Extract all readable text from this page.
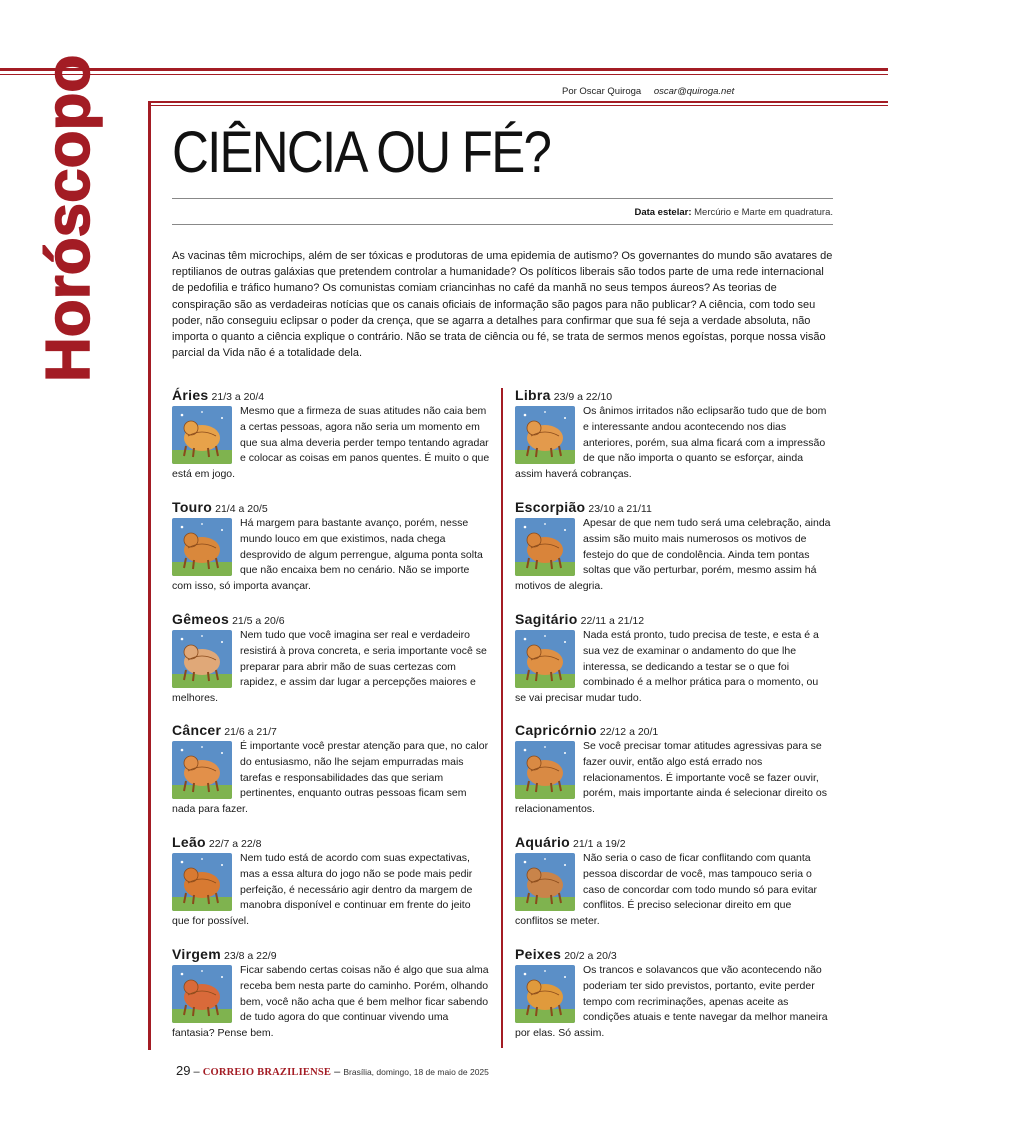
Por Oscar Quiroga oscar@quiroga.net
Horóscopo CIÊNCIA OU FÉ?
Data estelar: Mercúrio e Marte em quadratura.
As vacinas têm microchips, além de ser tóxicas e produtoras de uma epidemia de autismo? Os governantes do mundo são avatares de reptilianos de outras galáxias que pretendem controlar a humanidade? Os políticos liberais são todos parte de uma rede internacional de pedofilia e tráfico humano? Os comunistas comiam criancinhas no café da manhã no seus tempos áureos? As teorias de conspiração são as verdadeiras notícias que os canais oficiais de informação são pagos para não publicar? A ciência, com todo seu poder, não conseguiu eclipsar o poder da crença, que se agarra a detalhes para confirmar que sua fé seja a verdade absoluta, não importa o quanto a ciência explique o contrário. Não se trata de ciência ou fé, se trata de sermos menos egoístas, porque nossa visão parcial da Vida não é a totalidade dela.
Áries 21/3 a 20/4
Mesmo que a firmeza de suas atitudes não caia bem a certas pessoas, agora não seria um momento em que sua alma deveria perder tempo tentando agradar e colocar as coisas em panos quentes. É muito o que está em jogo.
Touro 21/4 a 20/5
Há margem para bastante avanço, porém, nesse mundo louco em que existimos, nada chega desprovido de algum perrengue, alguma ponta solta que não encaixa bem no cenário. Não se importe com isso, só importa avançar.
Gêmeos 21/5 a 20/6
Nem tudo que você imagina ser real e verdadeiro resistirá à prova concreta, e seria importante você se preparar para abrir mão de suas certezas com rapidez, e assim dar lugar a percepções maiores e melhores.
Câncer 21/6 a 21/7
É importante você prestar atenção para que, no calor do entusiasmo, não lhe sejam empurradas mais tarefas e responsabilidades das que seriam pertinentes, enquanto outras pessoas ficam sem nada para fazer.
Leão 22/7 a 22/8
Nem tudo está de acordo com suas expectativas, mas a essa altura do jogo não se pode mais pedir perfeição, é necessário agir dentro da margem de manobra disponível e continuar em frente do jeito que for possível.
Virgem 23/8 a 22/9
Ficar sabendo certas coisas não é algo que sua alma receba bem nesta parte do caminho. Porém, olhando bem, você não acha que é bem melhor ficar sabendo de tudo agora do que continuar vivendo uma fantasia? Pense bem.
Libra 23/9 a 22/10
Os ânimos irritados não eclipsarão tudo que de bom e interessante andou acontecendo nos dias anteriores, porém, sua alma ficará com a impressão de que não importa o quanto se esforçar, ainda assim haverá cobranças.
Escorpião 23/10 a 21/11
Apesar de que nem tudo será uma celebração, ainda assim são muito mais numerosos os motivos de festejo do que de condolência. Ainda tem pontas soltas que vão perturbar, porém, mesmo assim há motivos de alegria.
Sagitário 22/11 a 21/12
Nada está pronto, tudo precisa de teste, e esta é a sua vez de examinar o andamento do que lhe interessa, se dedicando a testar se o que foi combinado é a melhor prática para o momento, ou se vai precisar mudar tudo.
Capricórnio 22/12 a 20/1
Se você precisar tomar atitudes agressivas para se fazer ouvir, então algo está errado nos relacionamentos. É importante você se fazer ouvir, porém, mais importante ainda é selecionar direito os relacionamentos.
Aquário 21/1 a 19/2
Não seria o caso de ficar conflitando com quanta pessoa discordar de você, mas tampouco seria o caso de concordar com todo mundo só para evitar conflitos. É preciso selecionar direito em que conflitos se meter.
Peixes 20/2 a 20/3
Os trancos e solavancos que vão acontecendo não poderiam ter sido previstos, portanto, evite perder tempo com recriminações, apenas aceite as condições atuais e tente navegar da melhor maneira por elas. Só assim.
29 – CORREIO BRAZILIENSE – Brasília, domingo, 18 de maio de 2025
